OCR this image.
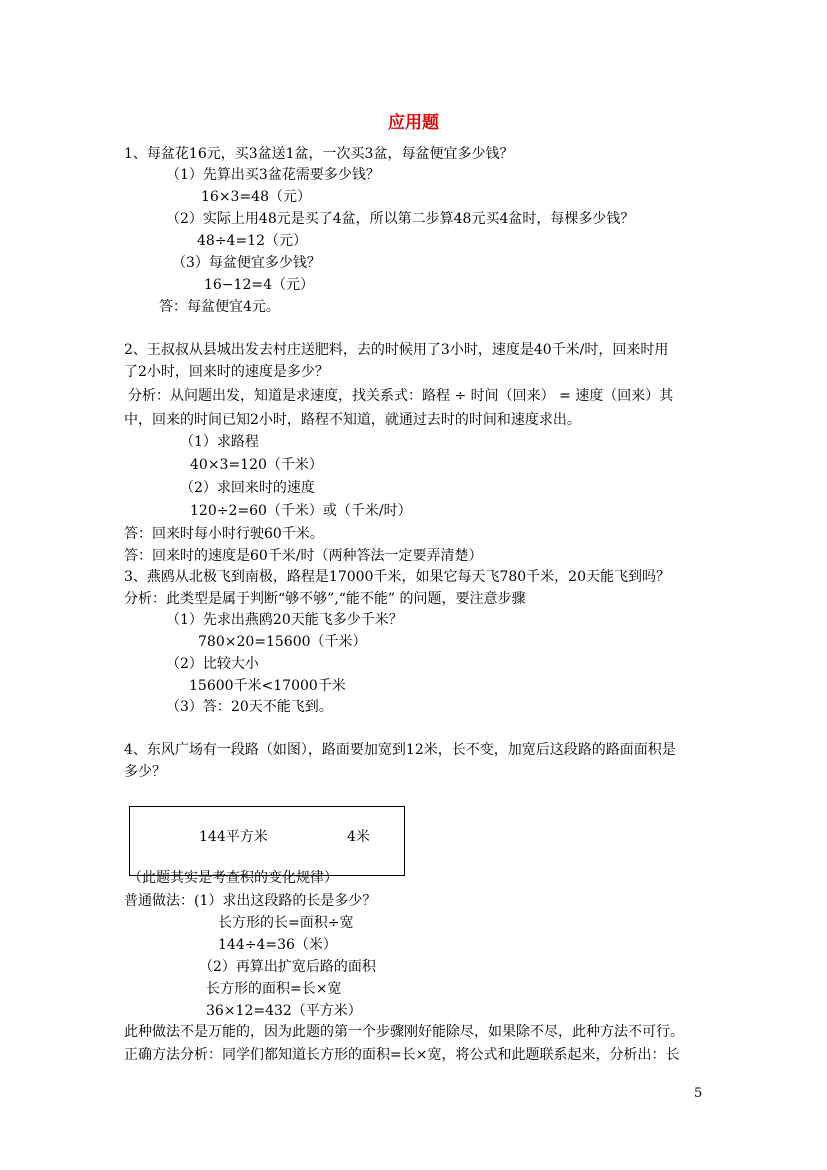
应用题
1、每盆花16元，买3盆送1盆，一次买3盆，每盆便宜多少钱？
（1）先算出买3盆花需要多少钱？
16×3=48（元）
（2）实际上用48元是买了4盆，所以第二步算48元买4盆时，每棵多少钱？
48÷4=12（元）
（3）每盆便宜多少钱？
16−12=4（元）
答：每盆便宜4元。
2、王叔叔从县城出发去村庄送肥料，去的时候用了3小时，速度是40千米/时，回来时用
了2小时，回来时的速度是多少？
分析：从问题出发，知道是求速度，找关系式：路程 ÷ 时间（回来） = 速度（回来）其
中，回来的时间已知2小时，路程不知道，就通过去时的时间和速度求出。
（1）求路程
40×3=120（千米）
（2）求回来时的速度
120÷2=60（千米）或（千米/时）
答：回来时每小时行驶60千米。
答：回来时的速度是60千米/时（两种答法一定要弄清楚）
3、燕鸥从北极飞到南极，路程是17000千米，如果它每天飞780千米，20天能飞到吗？
分析：此类型是属于判断“够不够”,“能不能” 的问题，要注意步骤
（1）先求出燕鸥20天能飞多少千米？
780×20=15600（千米）
（2）比较大小
15600千米<17000千米
（3）答：20天不能飞到。
4、东风广场有一段路（如图），路面要加宽到12米，长不变，加宽后这段路的路面面积是
多少？
（此题其实是考查积的变化规律）
普通做法：(1）求出这段路的长是多少？
长方形的长=面积÷宽
144÷4=36（米）
（2）再算出扩宽后路的面积
长方形的面积=长×宽
36×12=432（平方米）
此种做法不是万能的，因为此题的第一个步骤刚好能除尽，如果除不尽，此种方法不可行。
正确方法分析：同学们都知道长方形的面积=长×宽，将公式和此题联系起来，分析出：长
144平方米	4米
5
